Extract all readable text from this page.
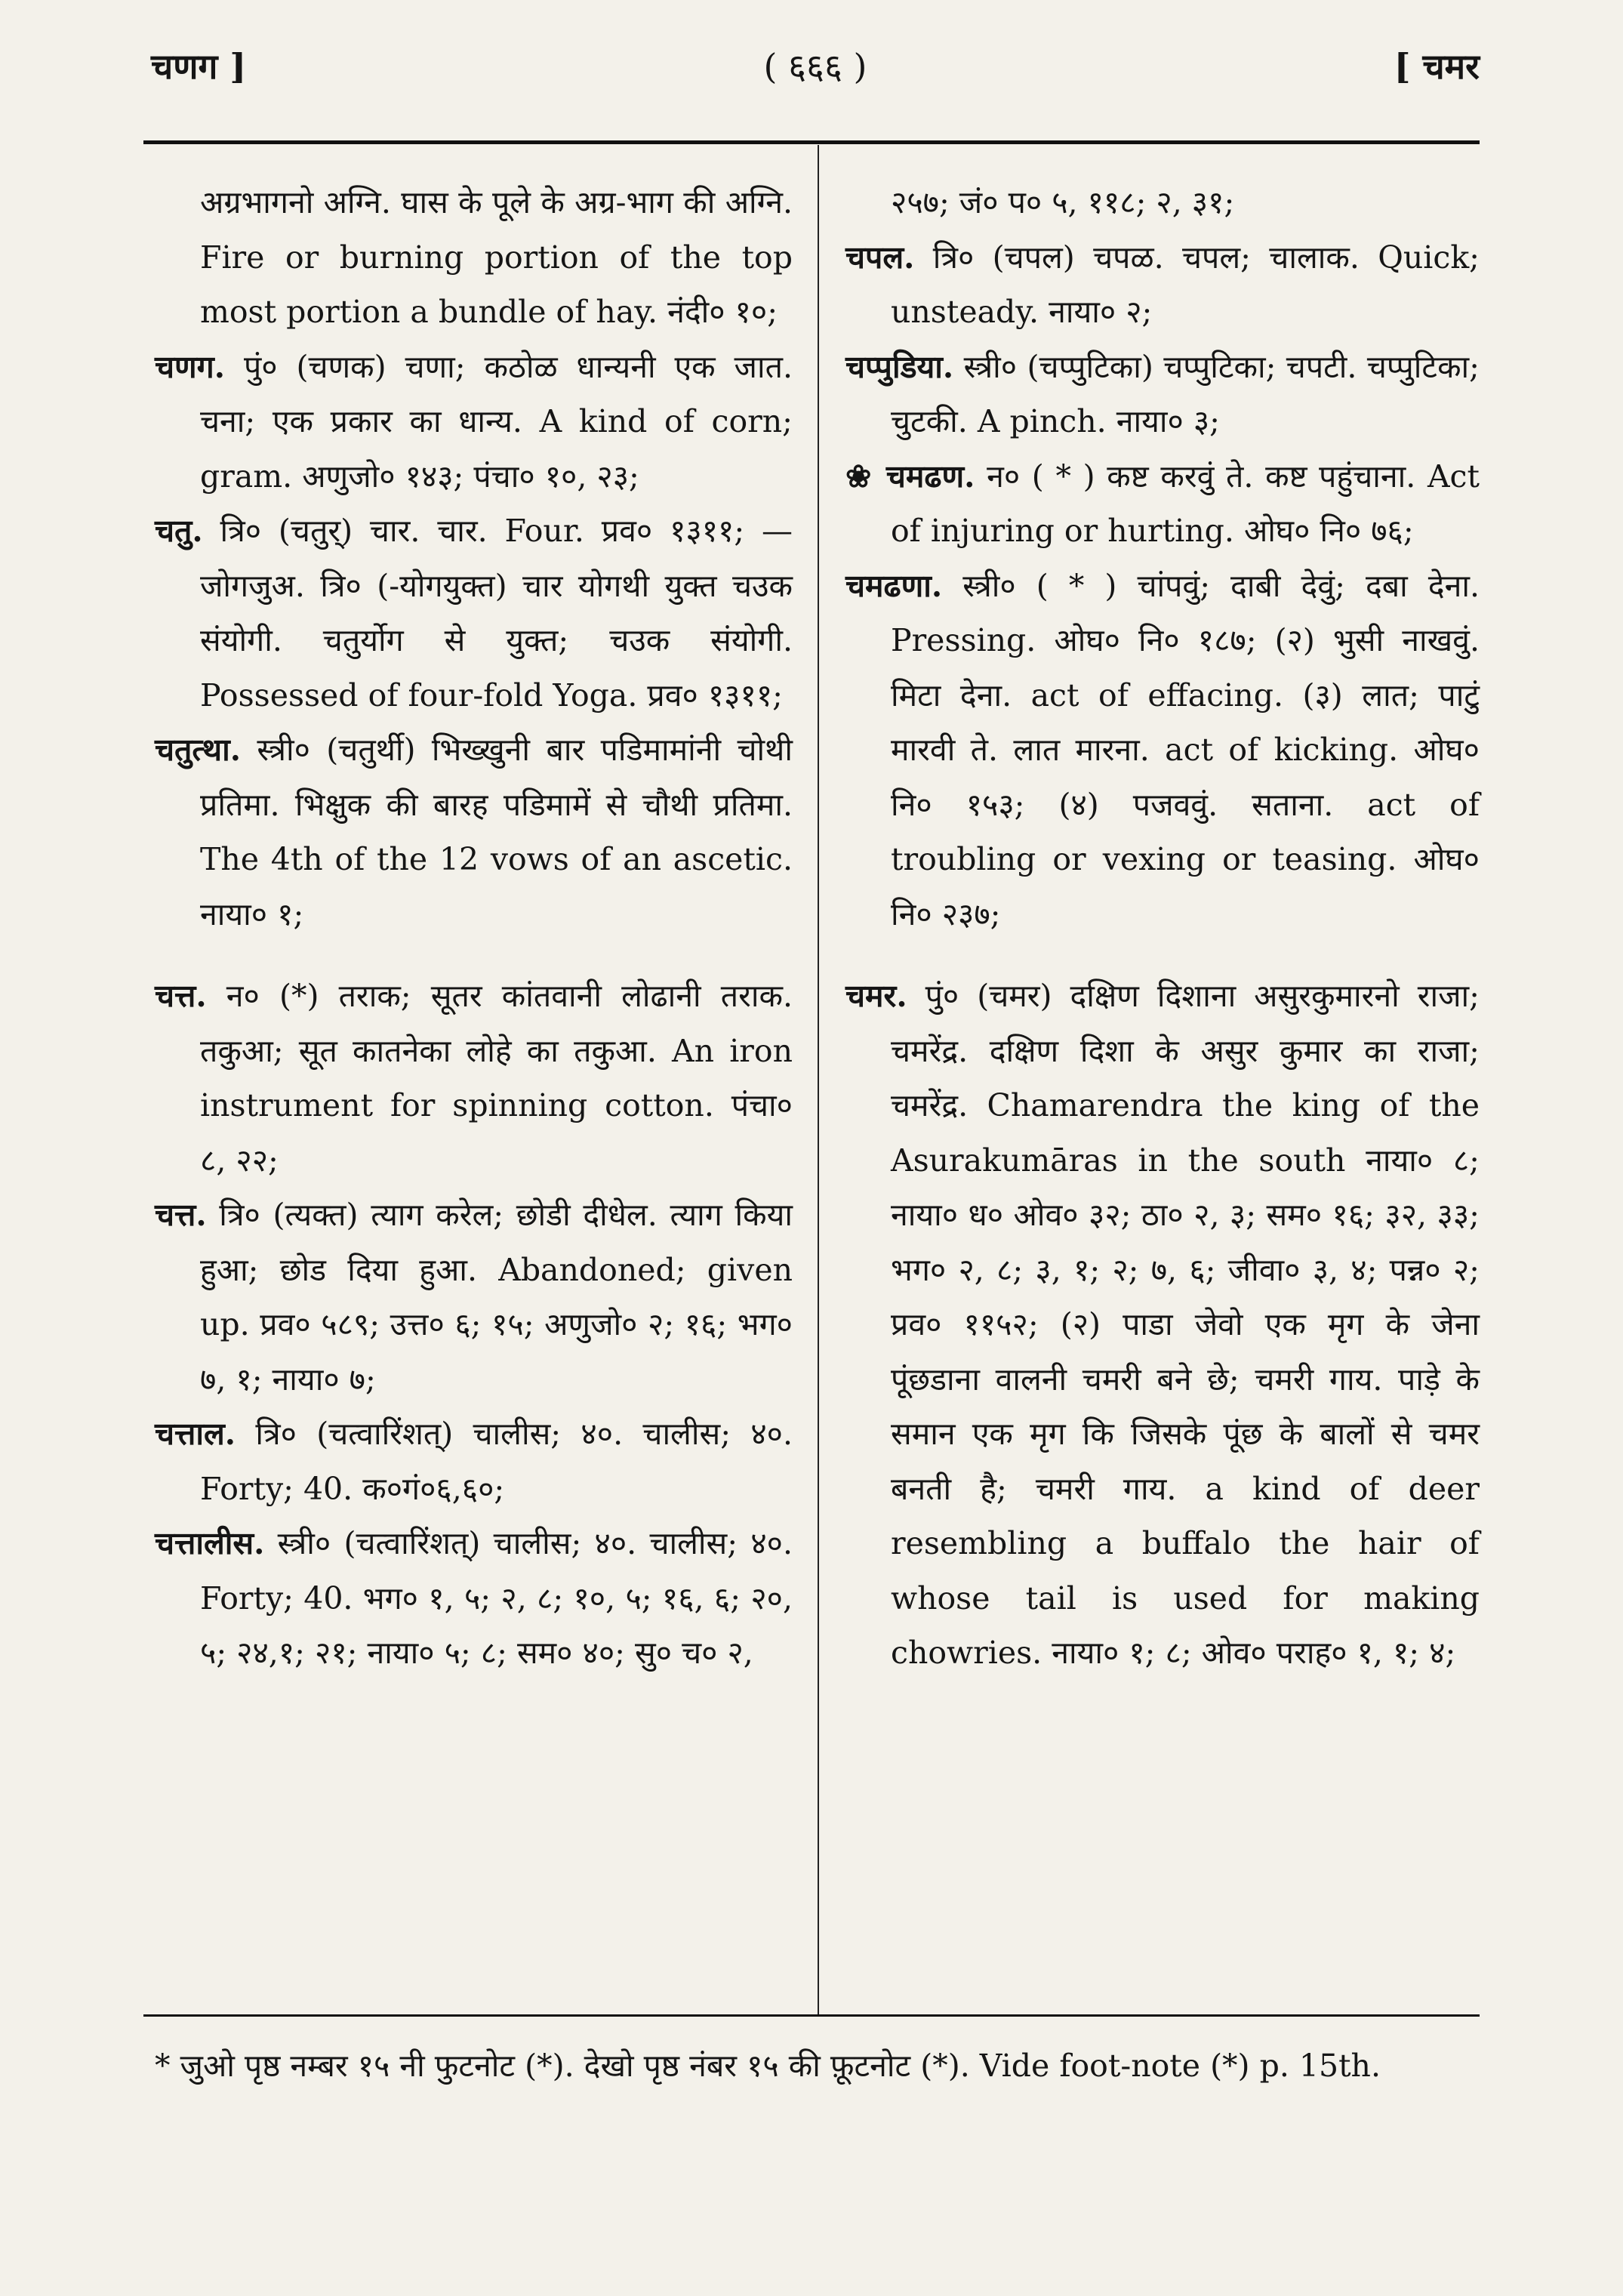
चणग ]	( ६६६ )	[ चमर

अग्रभागनो अग्नि. घास के पूले के अग्र-भाग की अग्नि. Fire or burning portion of the top most portion a bundle of hay. नंदी० १०;

चणग. पुं० (चणक) चणा; कठोळ धान्यनी एक जात. चना; एक प्रकार का धान्य. A kind of corn; gram. अणुजो० १४३; पंचा० १०, २३;

चतु. त्रि० (चतुर्) चार. चार. Four. प्रव० १३११; —जोगजुअ. त्रि० (-योगयुक्त) चार योगथी युक्त चउक संयोगी. चतुर्योग से युक्त; चउक संयोगी. Possessed of four-fold Yoga. प्रव० १३११;

चतुत्था. स्त्री० (चतुर्थी) भिख्खुनी बार पडिमामांनी चोथी प्रतिमा. भिक्षुक की बारह पडिमामें से चौथी प्रतिमा. The 4th of the 12 vows of an ascetic. नाया० १;

चत्त. न० (*) तराक; सूतर कांतवानी लोढानी तराक. तकुआ; सूत कातनेका लोहे का तकुआ. An iron instrument for spinning cotton. पंचा० ८, २२;

चत्त. त्रि० (त्यक्त) त्याग करेल; छोडी दीधेल. त्याग किया हुआ; छोड दिया हुआ. Abandoned; given up. प्रव० ५८९; उत्त० ६; १५; अणुजो० २; १६; भग० ७, १; नाया० ७;

चत्ताल. त्रि० (चत्वारिंशत्) चालीस; ४०. चालीस; ४०. Forty; 40. क०गं०६,६०;

चत्तालीस. स्त्री० (चत्वारिंशत्) चालीस; ४०. चालीस; ४०. Forty; 40. भग० १, ५; २, ८; १०, ५; १६, ६; २०, ५; २४,१; २१; नाया० ५; ८; सम० ४०; सु० च० २,

२५७; जं० प० ५, ११८; २, ३१;

चपल. त्रि० (चपल) चपळ. चपल; चालाक. Quick; unsteady. नाया० २;

चप्पुडिया. स्त्री० (चप्पुटिका) चप्पुटिका; चपटी. चप्पुटिका; चुटकी. A pinch. नाया० ३;

❀ चमढण. न० ( * ) कष्ट करवुं ते. कष्ट पहुंचाना. Act of injuring or hurting. ओघ० नि० ७६;

चमढणा. स्त्री० ( * ) चांपवुं; दाबी देवुं; दबा देना. Pressing. ओघ० नि० १८७; (२) भुसी नाखवुं. मिटा देना. act of effacing. (३) लात; पाटुं मारवी ते. लात मारना. act of kicking. ओघ० नि० १५३; (४) पजववुं. सताना. act of troubling or vexing or teasing. ओघ० नि० २३७;

चमर. पुं० (चमर) दक्षिण दिशाना असुरकुमारनो राजा; चमरेंद्र. दक्षिण दिशा के असुर कुमार का राजा; चमरेंद्र. Chamarendra the king of the Asurakumāras in the south नाया० ८; नाया० ध० ओव० ३२; ठा० २, ३; सम० १६; ३२, ३३; भग० २, ८; ३, १; २; ७, ६; जीवा० ३, ४; पन्न० २; प्रव० ११५२; (२) पाडा जेवो एक मृग के जेना पूंछडाना वालनी चमरी बने छे; चमरी गाय. पाड़े के समान एक मृग कि जिसके पूंछ के बालों से चमर बनती है; चमरी गाय. a kind of deer resembling a buffalo the hair of whose tail is used for making chowries. नाया० १; ८; ओव० पराह० १, १; ४;

* जुओ पृष्ठ नम्बर १५ नी फुटनोट (*). देखो पृष्ठ नंबर १५ की फ़ूटनोट (*). Vide foot-note (*) p. 15th.
